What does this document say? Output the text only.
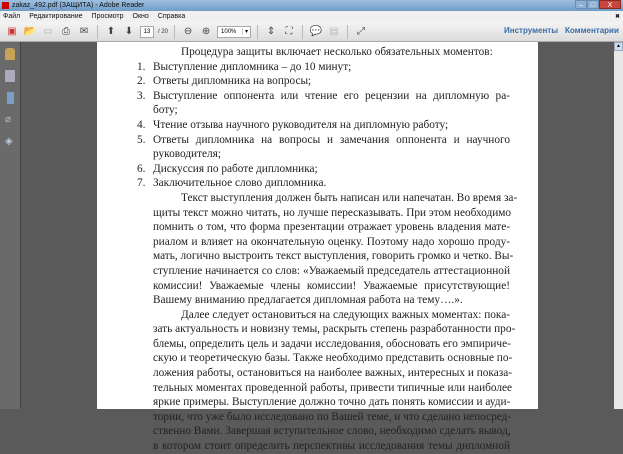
zakaz_492.pdf (ЗАЩИТА) - Adobe Reader	–	□	X
Файл Редактирование Просмотр Окно Справка	✖
▣ 📂 ▭ ⎙ ✉ ⬆ ⬇	13	/ 20 ⊖ ⊕	100%	▾ ⇕	⛶	💬 ▤	⤢	Инструменты Комментарии
⌀
◈
Процедура защиты включает несколько обязательных моментов:
1. Выступление дипломника – до 10 минут;
2. Ответы дипломника на вопросы;
3. Выступление оппонента или чтение его рецензии на дипломную ра-
боту;
4. Чтение отзыва научного руководителя на дипломную работу;
5. Ответы дипломника на вопросы и замечания оппонента и научного
руководителя;
6. Дискуссия по работе дипломника;
7. Заключительное слово дипломника.
Текст выступления должен быть написан или напечатан. Во время за-
щиты текст можно читать, но лучше пересказывать. При этом необходимо
помнить о том, что форма презентации отражает уровень владения мате-
риалом и влияет на окончательную оценку. Поэтому надо хорошо проду-
мать, логично выстроить текст выступления, говорить громко и четко. Вы-
ступление начинается со слов: «Уважаемый председатель аттестационной
комиссии! Уважаемые члены комиссии! Уважаемые присутствующие!
Вашему вниманию предлагается дипломная работа на тему….».
Далее следует остановиться на следующих важных моментах: пока-
зать актуальность и новизну темы, раскрыть степень разработанности про-
блемы, определить цель и задачи исследования, обосновать его эмпириче-
скую и теоретическую базы. Также необходимо представить основные по-
ложения работы, остановиться на наиболее важных, интересных и показа-
тельных моментах проведенной работы, привести типичные или наиболее
яркие примеры. Выступление должно точно дать понять комиссии и ауди-
тории, что уже было исследовано по Вашей теме, и что сделано непосред-
ственно Вами. Завершая вступительное слово, необходимо сделать вывод,
в котором стоит определить перспективы исследования темы дипломной
▲
